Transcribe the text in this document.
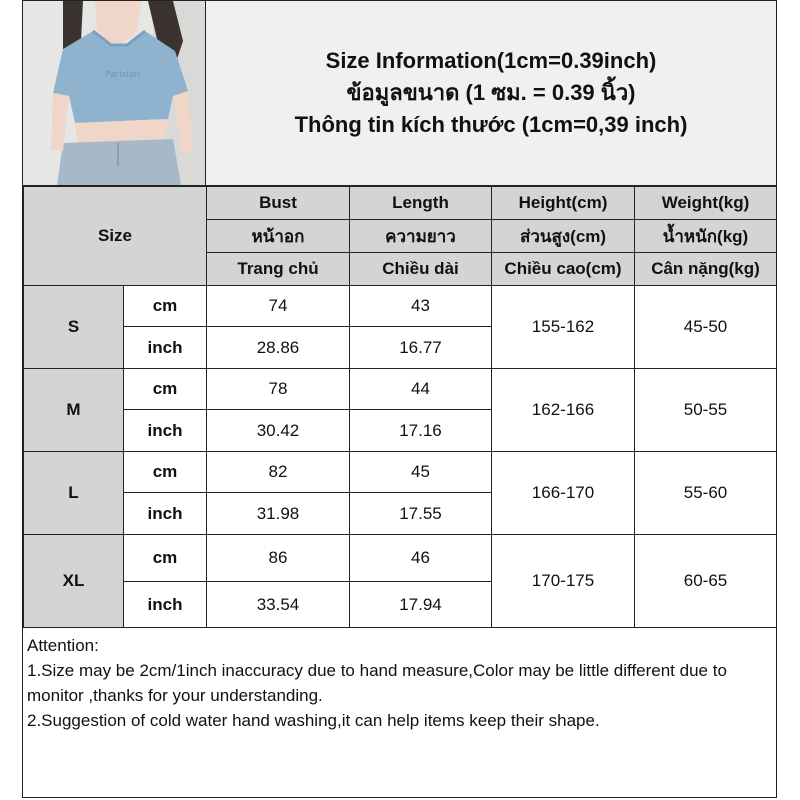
Parisian
Size Information(1cm=0.39inch)
ข้อมูลขนาด (1 ซม. = 0.39 นิ้ว)
Thông tin kích thước (1cm=0,39 inch)
Size		Bust	Length	Height(cm)	Weight(kg)
		หน้าอก	ความยาว	ส่วนสูง(cm)	น้ำหนัก(kg)
		Trang chủ	Chiều dài	Chiều cao(cm)	Cân nặng(kg)
S	cm	74	43	155-162	45-50
	inch	28.86	16.77		
M	cm	78	44	162-166	50-55
	inch	30.42	17.16		
L	cm	82	45	166-170	55-60
	inch	31.98	17.55		
XL	cm	86	46	170-175	60-65
	inch	33.54	17.94		
Attention:
1.Size may be 2cm/1inch inaccuracy due to hand measure,Color may be little different due to monitor ,thanks for your understanding.
2.Suggestion of cold water hand washing,it can help items keep their shape.
